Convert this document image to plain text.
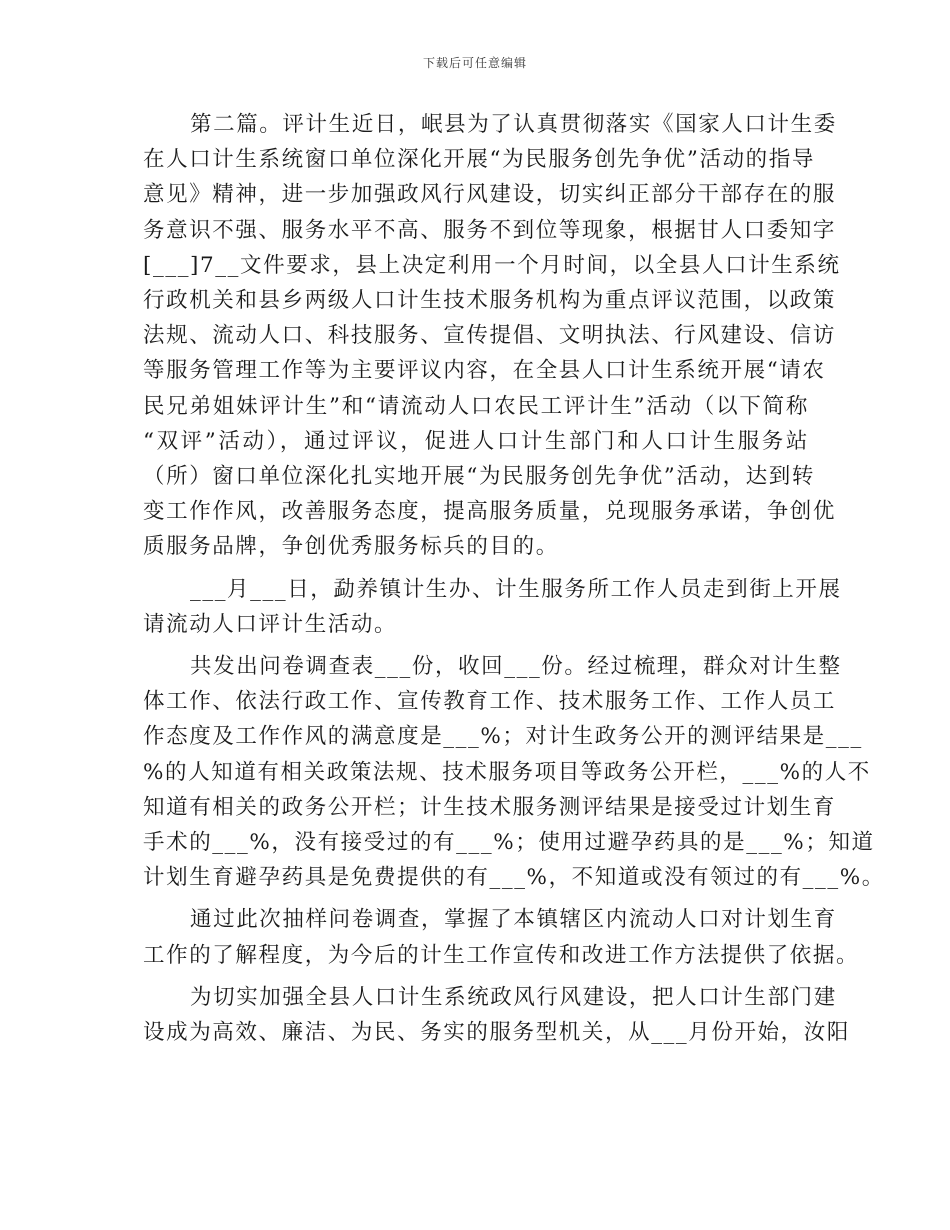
下载后可任意编辑
第二篇。评计生近日，岷县为了认真贯彻落实《国家人口计生委
在人口计生系统窗口单位深化开展“为民服务创先争优”活动的指导
意见》精神，进一步加强政风行风建设，切实纠正部分干部存在的服
务意识不强、服务水平不高、服务不到位等现象，根据甘人口委知字
[___]7__文件要求，县上决定利用一个月时间，以全县人口计生系统
行政机关和县乡两级人口计生技术服务机构为重点评议范围，以政策
法规、流动人口、科技服务、宣传提倡、文明执法、行风建设、信访
等服务管理工作等为主要评议内容，在全县人口计生系统开展“请农
民兄弟姐妹评计生”和“请流动人口农民工评计生”活动（以下简称
“双评”活动），通过评议，促进人口计生部门和人口计生服务站
（所）窗口单位深化扎实地开展“为民服务创先争优”活动，达到转
变工作作风，改善服务态度，提高服务质量，兑现服务承诺，争创优
质服务品牌，争创优秀服务标兵的目的。
___月___日，勐养镇计生办、计生服务所工作人员走到街上开展
请流动人口评计生活动。
共发出问卷调查表___份，收回___份。经过梳理，群众对计生整
体工作、依法行政工作、宣传教育工作、技术服务工作、工作人员工
作态度及工作作风的满意度是___%；对计生政务公开的测评结果是___
%的人知道有相关政策法规、技术服务项目等政务公开栏，___%的人不
知道有相关的政务公开栏；计生技术服务测评结果是接受过计划生育
手术的___%，没有接受过的有___%；使用过避孕药具的是___%；知道
计划生育避孕药具是免费提供的有___%，不知道或没有领过的有___%。
通过此次抽样问卷调查，掌握了本镇辖区内流动人口对计划生育
工作的了解程度，为今后的计生工作宣传和改进工作方法提供了依据。
为切实加强全县人口计生系统政风行风建设，把人口计生部门建
设成为高效、廉洁、为民、务实的服务型机关，从___月份开始，汝阳
